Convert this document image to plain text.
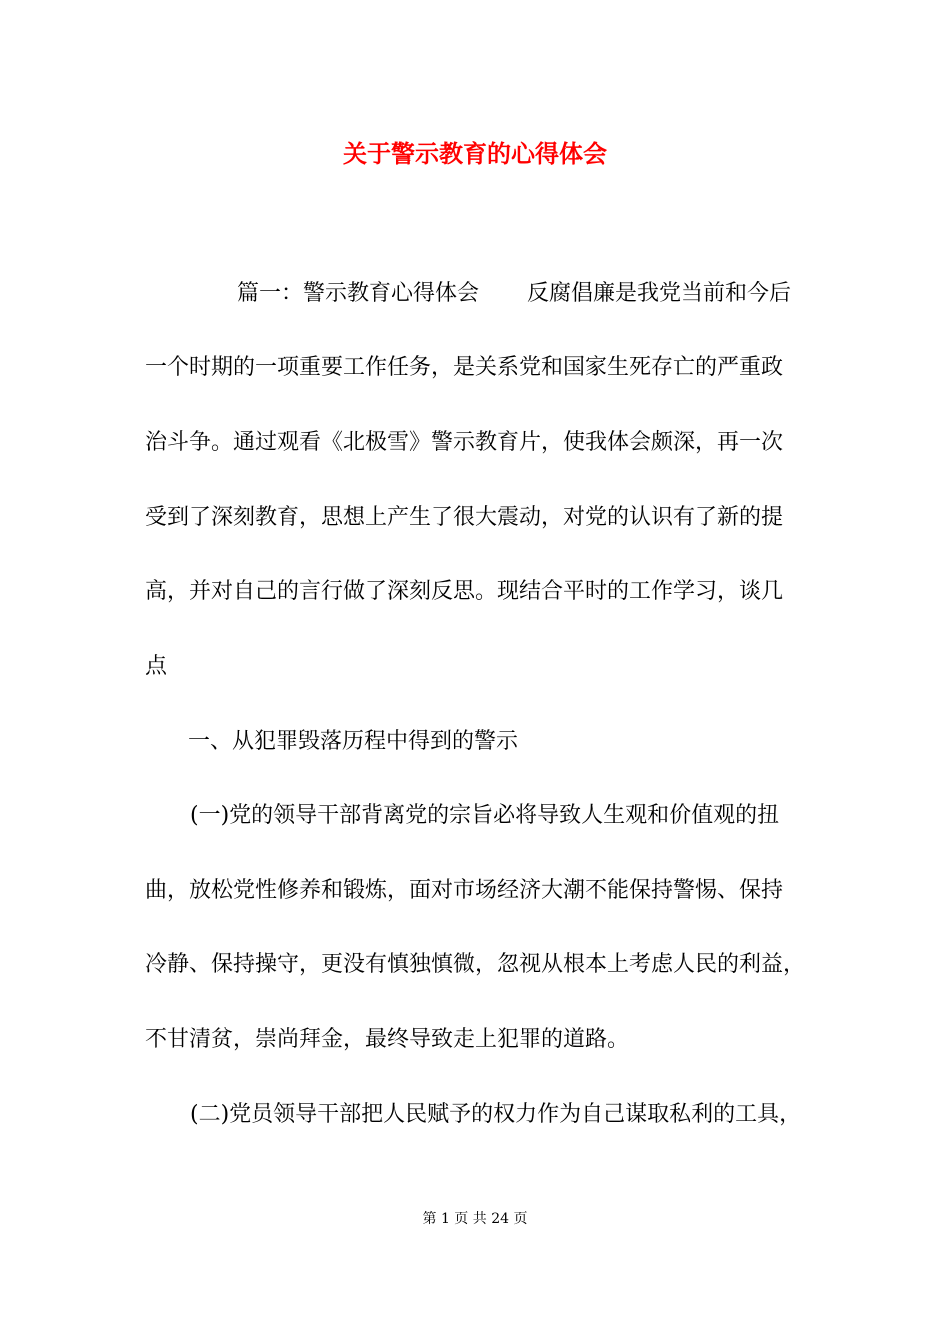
关于警示教育的心得体会
篇一：警示教育心得体会 反腐倡廉是我党当前和今后
一个时期的一项重要工作任务，是关系党和国家生死存亡的严重政
治斗争。通过观看《北极雪》警示教育片，使我体会颇深，再一次
受到了深刻教育，思想上产生了很大震动，对党的认识有了新的提
高，并对自己的言行做了深刻反思。现结合平时的工作学习，谈几
点
一、从犯罪毁落历程中得到的警示
(一)党的领导干部背离党的宗旨必将导致人生观和价值观的扭
曲，放松党性修养和锻炼，面对市场经济大潮不能保持警惕、保持
冷静、保持操守，更没有慎独慎微，忽视从根本上考虑人民的利益，
不甘清贫，崇尚拜金，最终导致走上犯罪的道路。
(二)党员领导干部把人民赋予的权力作为自己谋取私利的工具，
第 1 页 共 24 页
